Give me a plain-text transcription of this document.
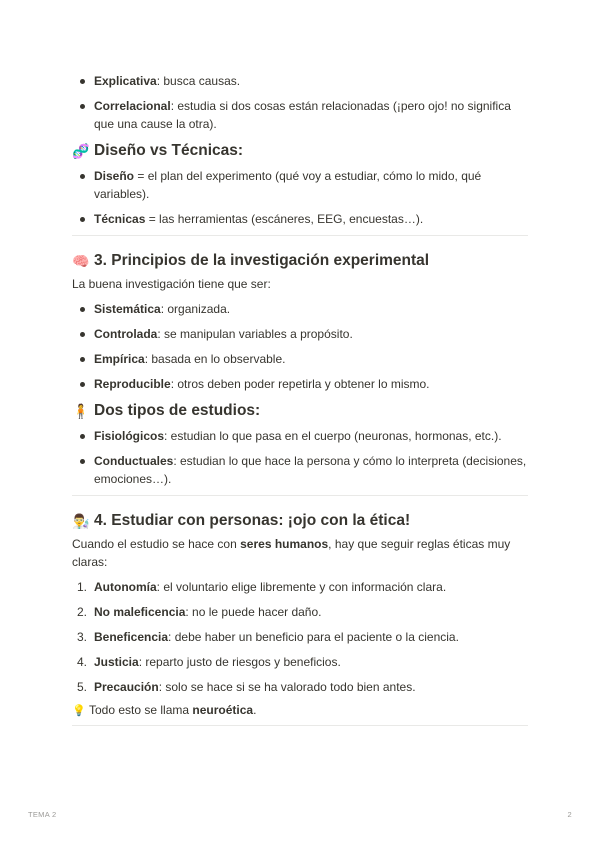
Explicativa: busca causas.
Correlacional: estudia si dos cosas están relacionadas (¡pero ojo! no significa que una cause la otra).
🧬 Diseño vs Técnicas:
Diseño = el plan del experimento (qué voy a estudiar, cómo lo mido, qué variables).
Técnicas = las herramientas (escáneres, EEG, encuestas…).
🧠 3. Principios de la investigación experimental

La buena investigación tiene que ser:

Sistemática: organizada.
Controlada: se manipulan variables a propósito.
Empírica: basada en lo observable.
Reproducible: otros deben poder repetirla y obtener lo mismo.
🧍 Dos tipos de estudios:
Fisiológicos: estudian lo que pasa en el cuerpo (neuronas, hormonas, etc.).
Conductuales: estudian lo que hace la persona y cómo lo interpreta (decisiones, emociones…).
👨‍🔬 4. Estudiar con personas: ¡ojo con la ética!

Cuando el estudio se hace con seres humanos, hay que seguir reglas éticas muy claras:

1. Autonomía: el voluntario elige libremente y con información clara.
2. No maleficencia: no le puede hacer daño.
3. Beneficencia: debe haber un beneficio para el paciente o la ciencia.
4. Justicia: reparto justo de riesgos y beneficios.
5. Precaución: solo se hace si se ha valorado todo bien antes.

💡 Todo esto se llama neuroética.

TEMA 2	2
